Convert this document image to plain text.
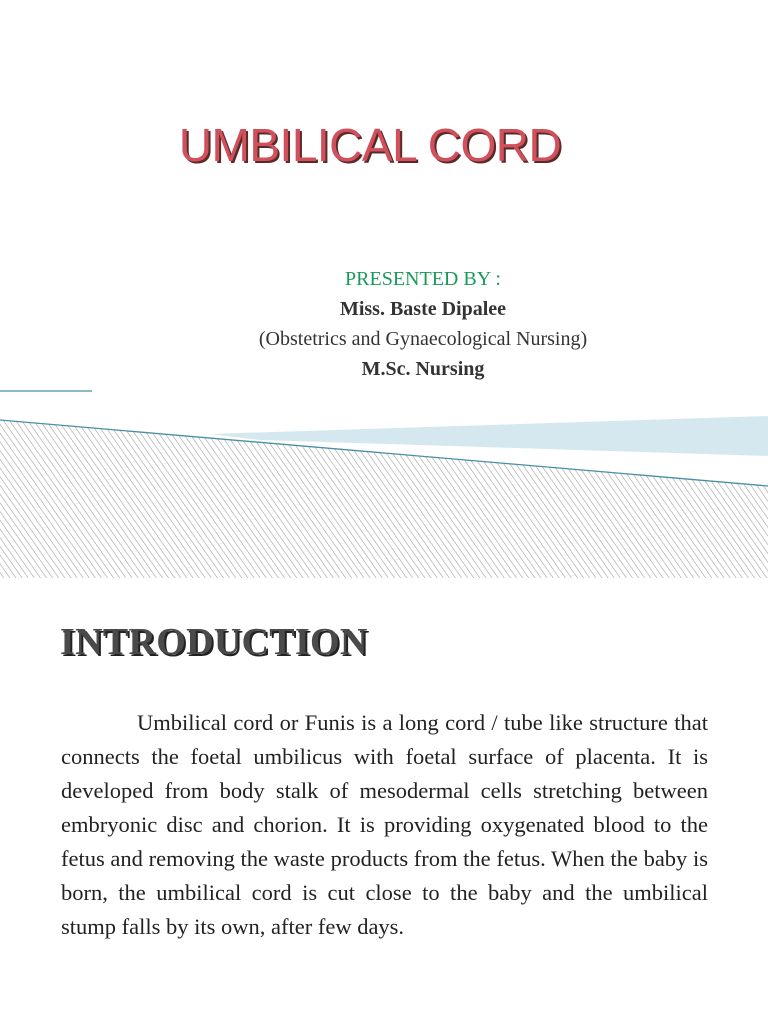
UMBILICAL CORD
PRESENTED BY :
Miss. Baste Dipalee
(Obstetrics and Gynaecological Nursing)
M.Sc. Nursing
INTRODUCTION

Umbilical cord or Funis is a long cord / tube like structure that connects the foetal umbilicus with foetal surface of placenta. It is developed from body stalk of mesodermal cells stretching between embryonic disc and chorion. It is providing oxygenated blood to the fetus and removing the waste products from the fetus. When the baby is born, the umbilical cord is cut close to the baby and the umbilical stump falls by its own, after few days.
